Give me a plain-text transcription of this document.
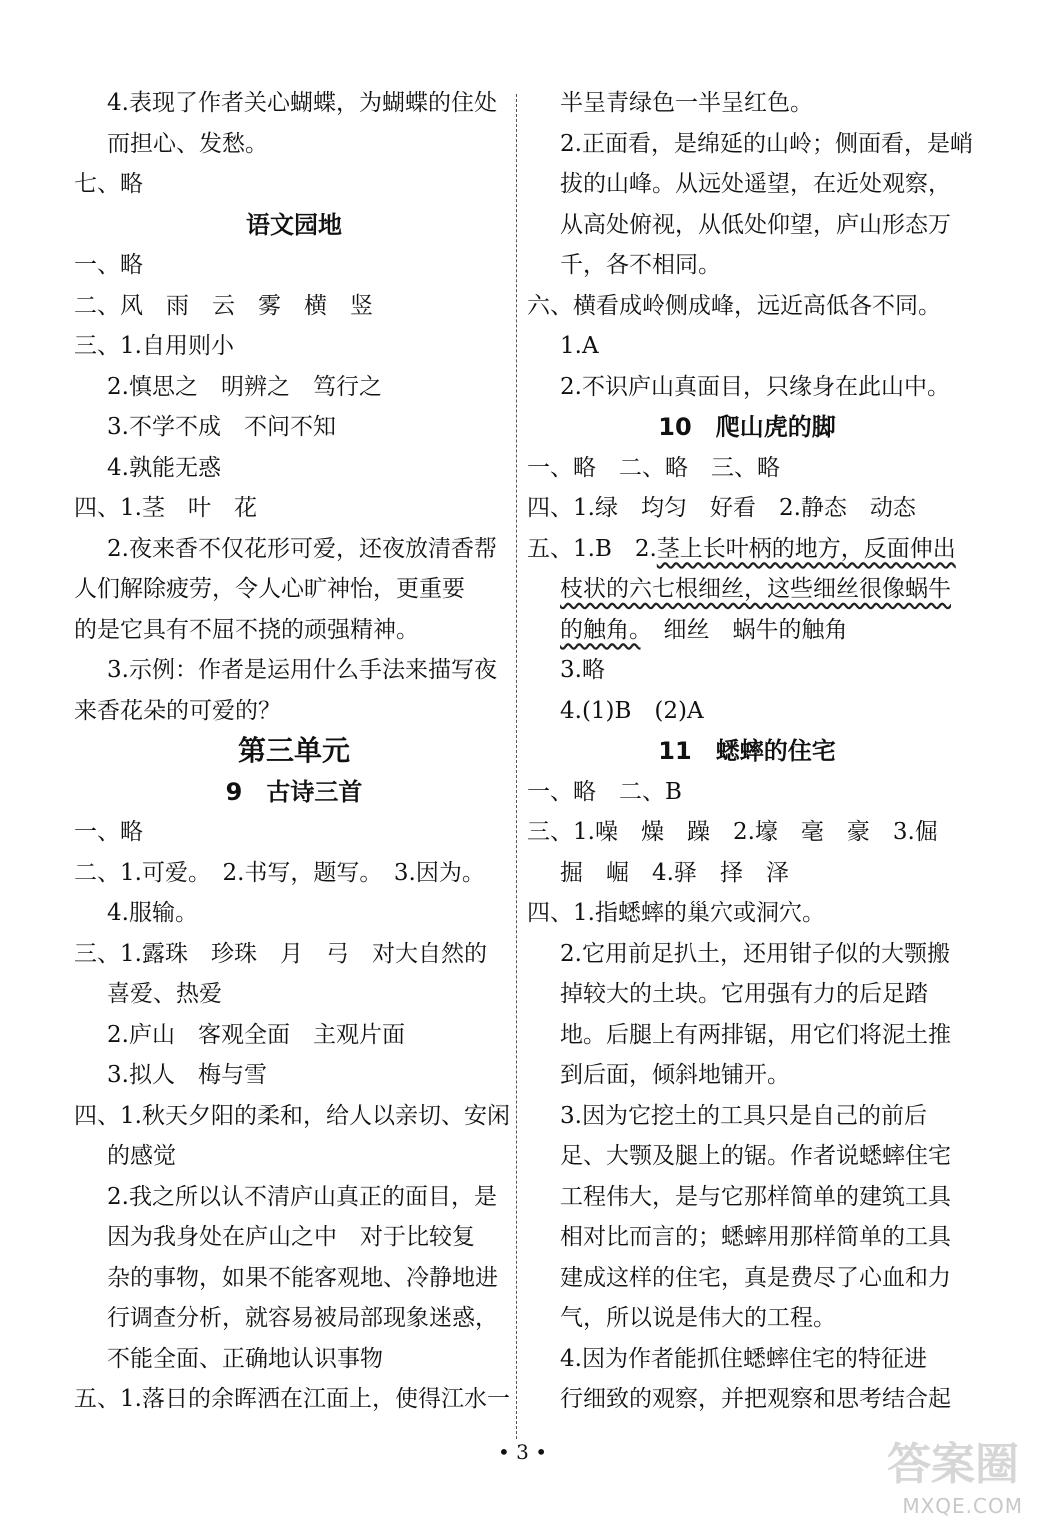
4.表现了作者关心蝴蝶，为蝴蝶的住处
而担心、发愁。
七、略
语文园地
一、略
二、风　雨　云　雾　横　竖
三、1.自用则小
2.慎思之　明辨之　笃行之
3.不学不成　不问不知
4.孰能无惑
四、1.茎　叶　花
2.夜来香不仅花形可爱，还夜放清香帮
人们解除疲劳，令人心旷神怡，更重要
的是它具有不屈不挠的顽强精神。
3.示例：作者是运用什么手法来描写夜
来香花朵的可爱的？
第三单元
9　古诗三首
一、略
二、1.可爱。　2.书写，题写。　3.因为。
4.服输。
三、1.露珠　珍珠　月　弓　对大自然的
喜爱、热爱
2.庐山　客观全面　主观片面
3.拟人　梅与雪
四、1.秋天夕阳的柔和，给人以亲切、安闲
的感觉
2.我之所以认不清庐山真正的面目，是
因为我身处在庐山之中　对于比较复
杂的事物，如果不能客观地、冷静地进
行调查分析，就容易被局部现象迷惑，
不能全面、正确地认识事物
五、1.落日的余晖洒在江面上，使得江水一
半呈青绿色一半呈红色。
2.正面看，是绵延的山岭；侧面看，是峭
拔的山峰。从远处遥望，在近处观察，
从高处俯视，从低处仰望，庐山形态万
千，各不相同。
六、横看成岭侧成峰，远近高低各不同。
1.A
2.不识庐山真面目，只缘身在此山中。
10　爬山虎的脚
一、略　二、略　三、略
四、1.绿　均匀　好看　2.静态　动态
五、1.B　2.茎上长叶柄的地方，反面伸出
枝状的六七根细丝，这些细丝很像蜗牛
的触角。　细丝　蜗牛的触角
3.略
4.(1)B　(2)A
11　蟋蟀的住宅
一、略　二、B
三、1.噪　燥　躁　2.壕　毫　豪　3.倔
掘　崛　4.驿　择　泽
四、1.指蟋蟀的巢穴或洞穴。
2.它用前足扒土，还用钳子似的大颚搬
掉较大的土块。它用强有力的后足踏
地。后腿上有两排锯，用它们将泥土推
到后面，倾斜地铺开。
3.因为它挖土的工具只是自己的前后
足、大颚及腿上的锯。作者说蟋蟀住宅
工程伟大，是与它那样简单的建筑工具
相对比而言的；蟋蟀用那样简单的工具
建成这样的住宅，真是费尽了心血和力
气，所以说是伟大的工程。
4.因为作者能抓住蟋蟀住宅的特征进
行细致的观察，并把观察和思考结合起
• 3 •	答案圈
MXQE.COM
